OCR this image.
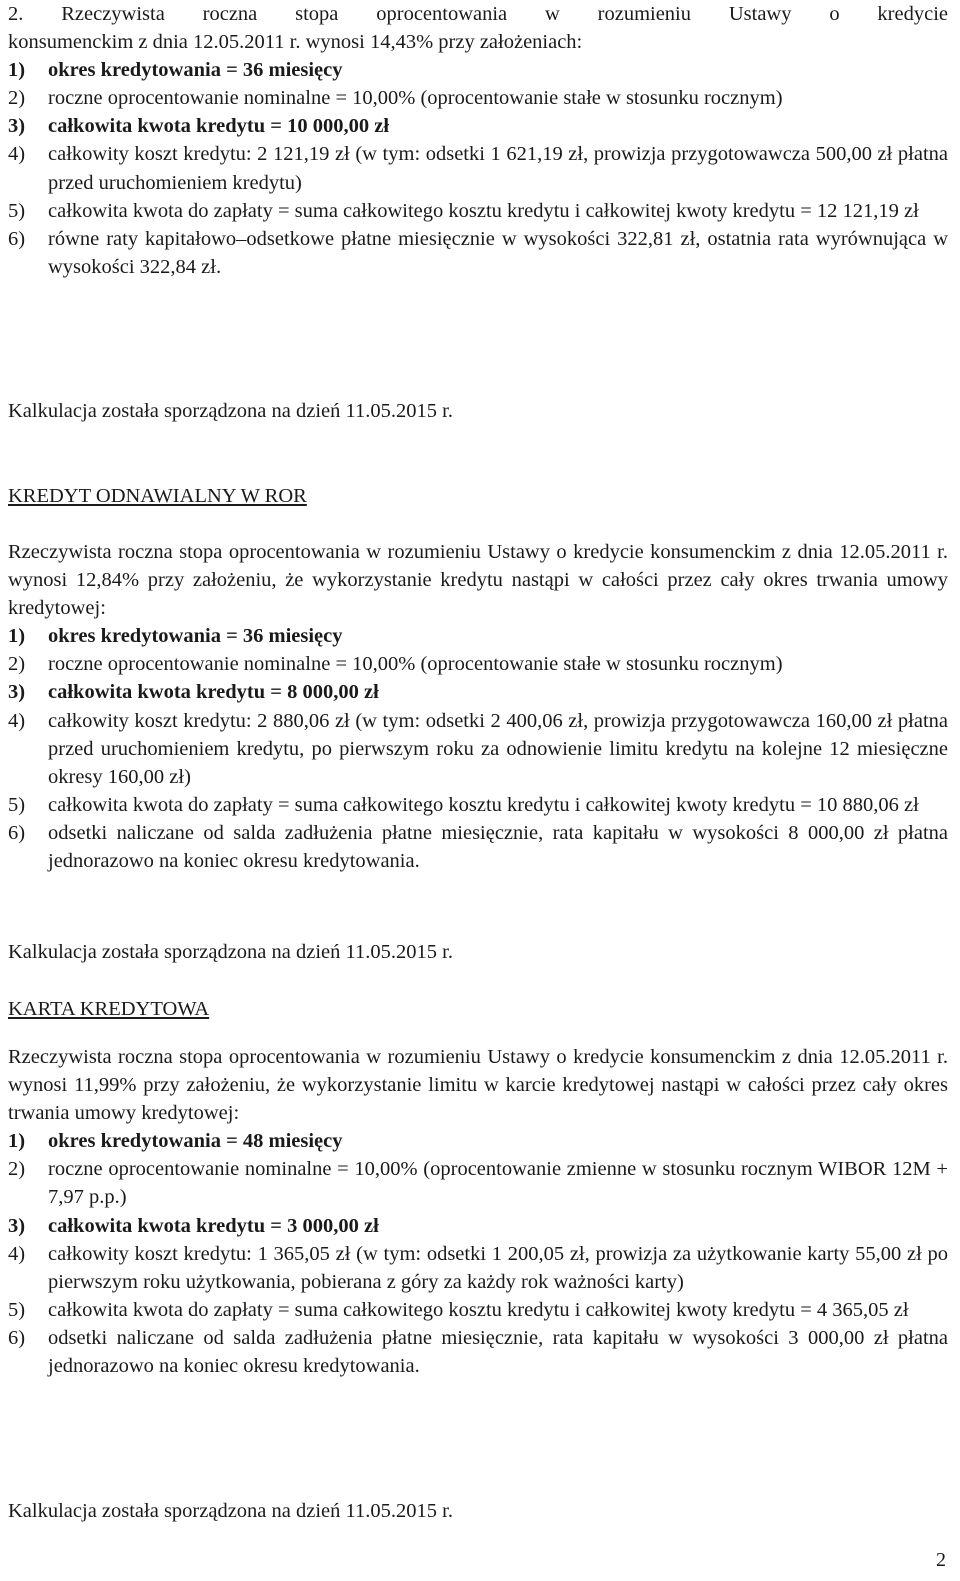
2. Rzeczywista roczna stopa oprocentowania w rozumieniu Ustawy o kredycie
konsumenckim z dnia 12.05.2011 r. wynosi 14,43% przy założeniach:
1)	okres kredytowania = 36 miesięcy
2)	roczne oprocentowanie nominalne = 10,00% (oprocentowanie stałe w stosunku rocznym)
3)	całkowita kwota kredytu = 10 000,00 zł
4)	całkowity koszt kredytu: 2 121,19 zł (w tym: odsetki 1 621,19 zł, prowizja przygotowawcza 500,00 zł płatna przed uruchomieniem kredytu)
5)	całkowita kwota do zapłaty = suma całkowitego kosztu kredytu i całkowitej kwoty kredytu = 12 121,19 zł
6)	równe raty kapitałowo–odsetkowe płatne miesięcznie w wysokości 322,81 zł, ostatnia rata wyrównująca w wysokości 322,84 zł.
Kalkulacja została sporządzona na dzień 11.05.2015 r.
KREDYT ODNAWIALNY W ROR
Rzeczywista roczna stopa oprocentowania w rozumieniu Ustawy o kredycie konsumenckim z dnia 12.05.2011 r. wynosi 12,84% przy założeniu, że wykorzystanie kredytu nastąpi w całości przez cały okres trwania umowy kredytowej:
1)	okres kredytowania = 36 miesięcy
2)	roczne oprocentowanie nominalne = 10,00% (oprocentowanie stałe w stosunku rocznym)
3)	całkowita kwota kredytu = 8 000,00 zł
4)	całkowity koszt kredytu: 2 880,06 zł (w tym: odsetki 2 400,06 zł, prowizja przygotowawcza 160,00 zł płatna przed uruchomieniem kredytu, po pierwszym roku za odnowienie limitu kredytu na kolejne 12 miesięczne okresy 160,00 zł)
5)	całkowita kwota do zapłaty = suma całkowitego kosztu kredytu i całkowitej kwoty kredytu = 10 880,06 zł
6)	odsetki naliczane od salda zadłużenia płatne miesięcznie, rata kapitału w wysokości 8 000,00 zł płatna jednorazowo na koniec okresu kredytowania.
Kalkulacja została sporządzona na dzień 11.05.2015 r.
KARTA KREDYTOWA
Rzeczywista roczna stopa oprocentowania w rozumieniu Ustawy o kredycie konsumenckim z dnia 12.05.2011 r. wynosi 11,99% przy założeniu, że wykorzystanie limitu w karcie kredytowej nastąpi w całości przez cały okres trwania umowy kredytowej:
1)	okres kredytowania = 48 miesięcy
2)	roczne oprocentowanie nominalne = 10,00% (oprocentowanie zmienne w stosunku rocznym WIBOR 12M + 7,97 p.p.)
3)	całkowita kwota kredytu = 3 000,00 zł
4)	całkowity koszt kredytu: 1 365,05 zł (w tym: odsetki 1 200,05 zł, prowizja za użytkowanie karty 55,00 zł po pierwszym roku użytkowania, pobierana z góry za każdy rok ważności karty)
5)	całkowita kwota do zapłaty = suma całkowitego kosztu kredytu i całkowitej kwoty kredytu = 4 365,05 zł
6)	odsetki naliczane od salda zadłużenia płatne miesięcznie, rata kapitału w wysokości 3 000,00 zł płatna jednorazowo na koniec okresu kredytowania.
Kalkulacja została sporządzona na dzień 11.05.2015 r.
2
